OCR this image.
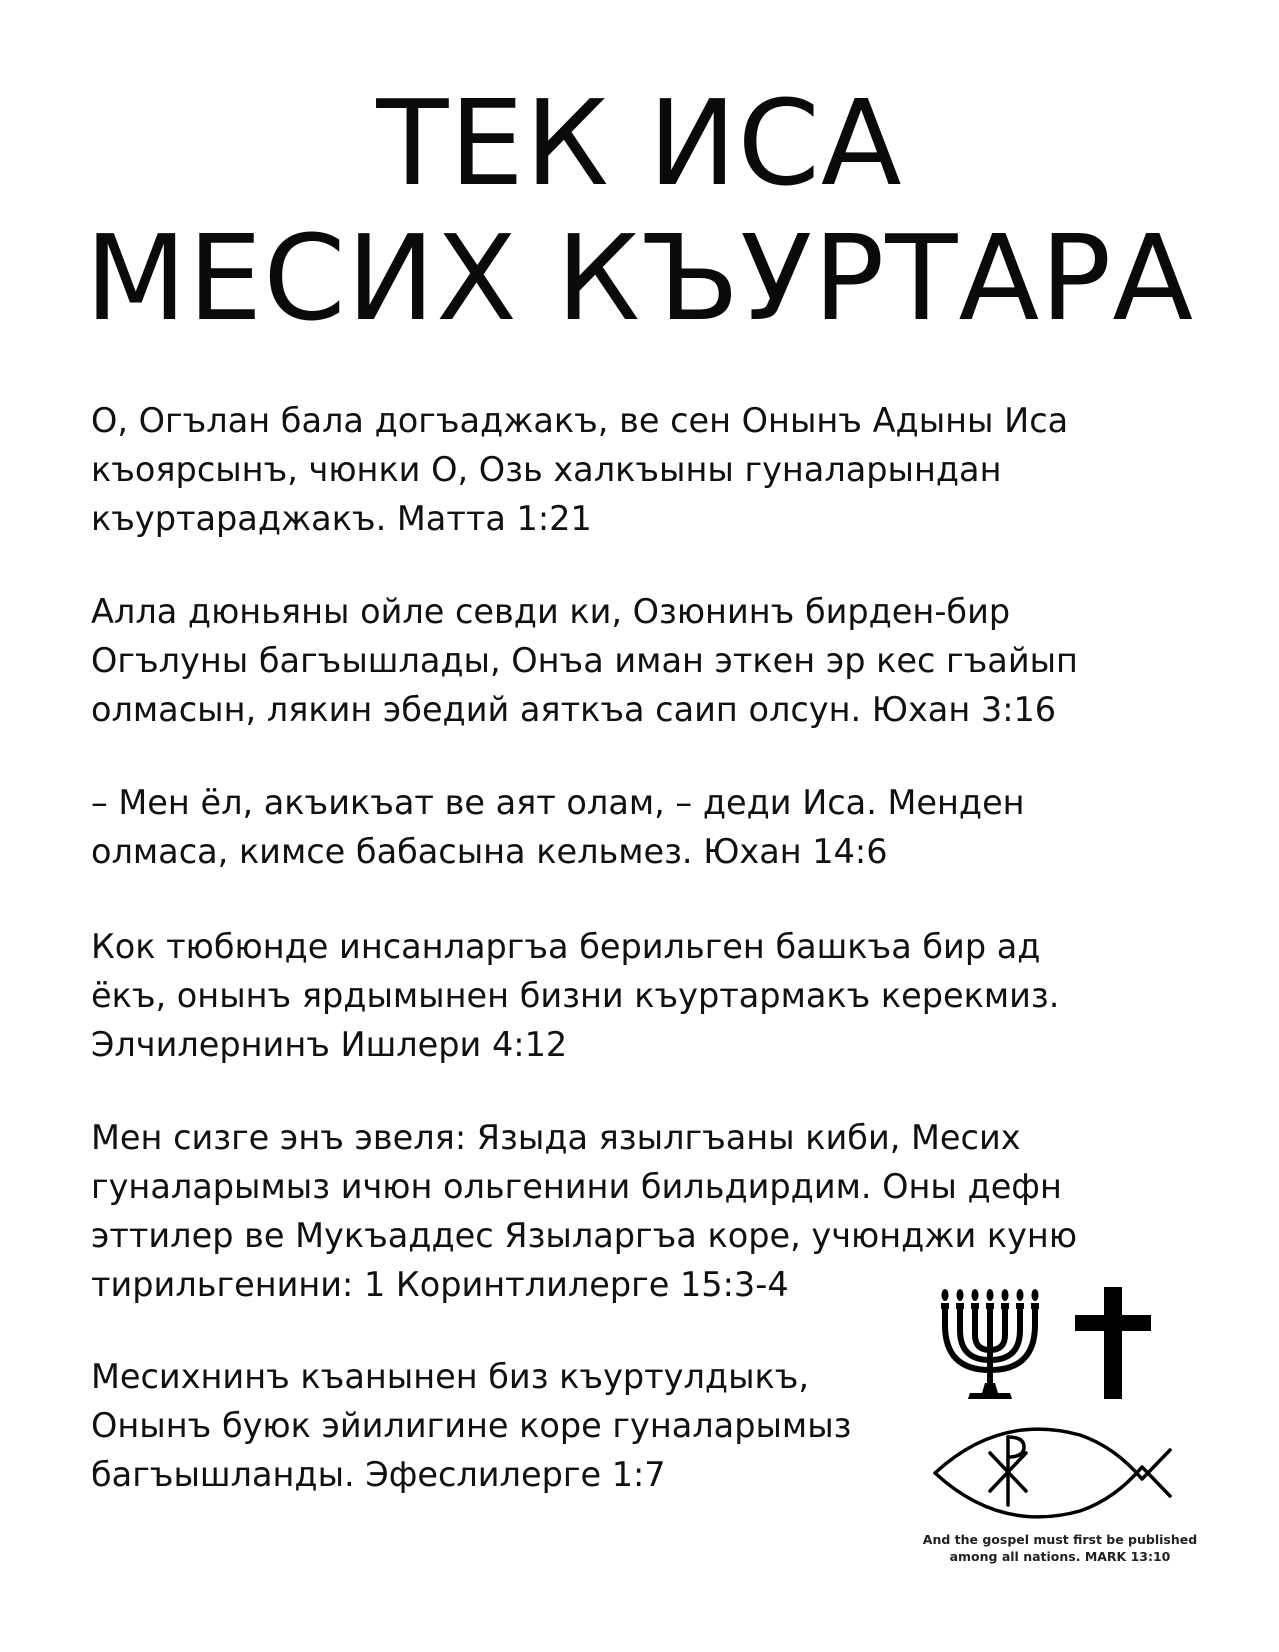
ТЕК ИСА
МЕСИХ КЪУРТАРА
О, Огълан бала догъаджакъ, ве сен Онынъ Адыны Иса
къоярсынъ, чюнки О, Озь халкъыны гуналарындан
къуртараджакъ. Матта 1:21
Алла дюньяны ойле севди ки, Озюнинъ бирден-бир
Огълуны багъышлады, Онъа иман эткен эр кес гъайып
олмасын, лякин эбедий аяткъа саип олсун. Юхан 3:16
– Мен ёл, акъикъат ве аят олам, – деди Иса. Менден
олмаса, кимсе бабасына кельмез. Юхан 14:6
Кок тюбюнде инсанларгъа берильген башкъа бир ад
ёкъ, онынъ ярдымынен бизни къуртармакъ керекмиз.
Элчилернинъ Ишлери 4:12
Мен сизге энъ эвеля: Языда язылгъаны киби, Месих
гуналарымыз ичюн ольгенини бильдирдим. Оны дефн
эттилер ве Мукъаддес Языларгъа коре, учюнджи куню
тирильгенини: 1 Коринтлилерге 15:3-4
Месихнинъ къанынен биз къуртулдыкъ,
Онынъ буюк эйилигине коре гуналарымыз
багъышланды. Эфеслилерге 1:7
And the gospel must first be published
among all nations. MARK 13:10
